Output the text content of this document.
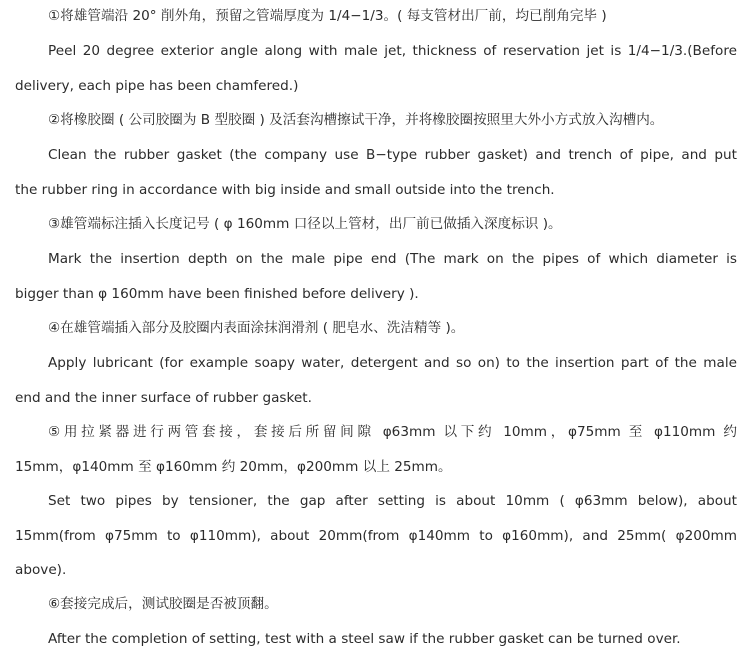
①将雄管端沿 20° 削外角，预留之管端厚度为 1/4−1/3。( 每支管材出厂前，均已削角完毕 )
Peel 20 degree exterior angle along with male jet, thickness of reservation jet is 1/4−1/3.(Before
delivery, each pipe has been chamfered.)
②将橡胶圈 ( 公司胶圈为 B 型胶圈 ) 及活套沟槽擦试干净，并将橡胶圈按照里大外小方式放入沟槽内。
Clean the rubber gasket (the company use B−type rubber gasket) and trench of pipe, and put
the rubber ring in accordance with big inside and small outside into the trench.
③雄管端标注插入长度记号 ( φ 160mm 口径以上管材，出厂前已做插入深度标识 )。
Mark the insertion depth on the male pipe end (The mark on the pipes of which diameter is
bigger than φ 160mm have been finished before delivery ).
④在雄管端插入部分及胶圈内表面涂抹润滑剂 ( 肥皂水、洗洁精等 )。
Apply lubricant (for example soapy water, detergent and so on) to the insertion part of the male
end and the inner surface of rubber gasket.
⑤用拉紧器进行两管套接，套接后所留间隙 φ63mm 以下约 10mm，φ75mm 至 φ110mm 约
15mm，φ140mm 至 φ160mm 约 20mm，φ200mm 以上 25mm。
Set two pipes by tensioner, the gap after setting is about 10mm ( φ63mm below), about
15mm(from φ75mm to φ110mm), about 20mm(from φ140mm to φ160mm), and 25mm( φ200mm
above).
⑥套接完成后，测试胶圈是否被顶翻。
After the completion of setting, test with a steel saw if the rubber gasket can be turned over.
